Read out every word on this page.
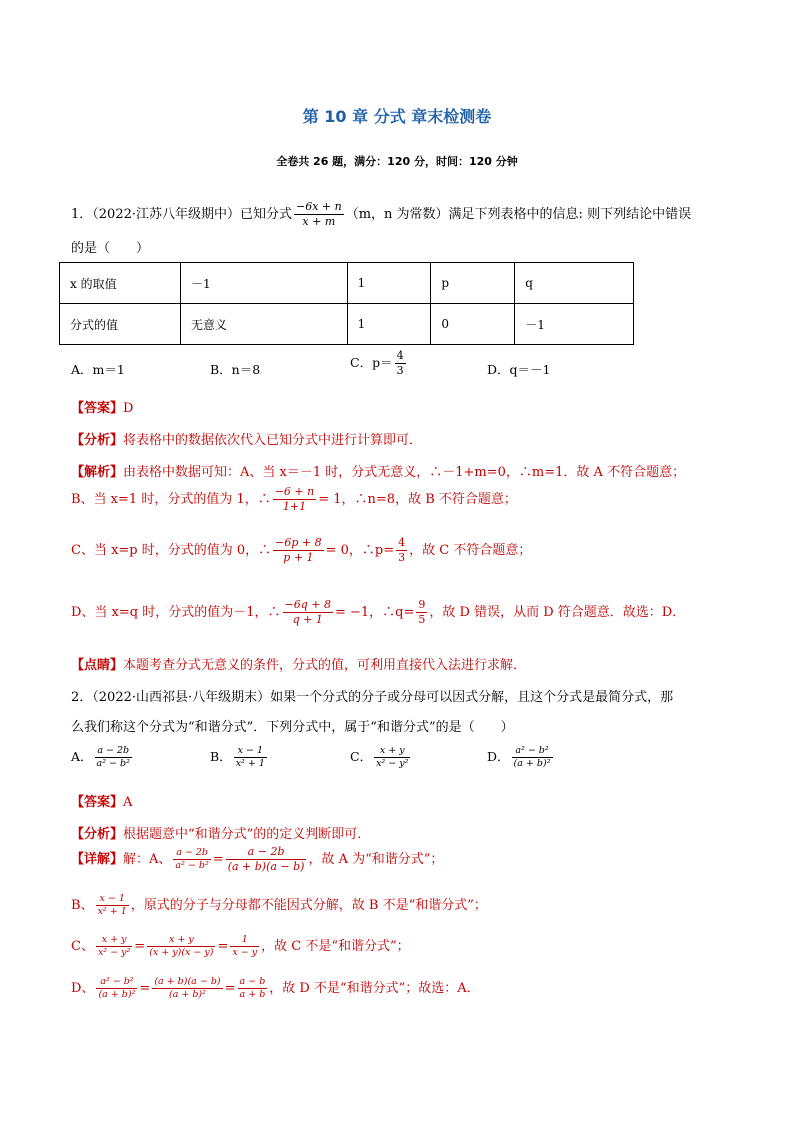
第 10 章 分式 章末检测卷
全卷共 26 题，满分：120 分，时间：120 分钟
1．（2022·江苏八年级期中）已知分式 $\frac{-6x + n}{x + m} (m$，n 为常数）满足下列表格中的信息: 则下列结论中错误
的是（　　）
x 的取值	－1	1	p	q
分式的值	无意义	1	0	－1
A．m＝1	B．n＝8	C．$p= \frac{4}{3}$	D．q＝－1
【答案】D
【分析】将表格中的数据依次代入已知分式中进行计算即可．
【解析】由表格中数据可知：A、当 x＝－1 时，分式无意义，∴－1+m=0，∴m=1．故 A 不符合题意；
B、当 x=1 时，分式的值为 1，∴ $\frac{-6 + n}{1+1} = 1$，∴n=8，故 B 不符合题意；
C、当 x=p 时，分式的值为 0，∴ $\frac{-6p + 8}{p + 1} = 0$，∴p= $\frac{4}{3}$ ，故 C 不符合题意；
D、当 x=q 时，分式的值为－1，∴ $\frac{-6q + 8}{q + 1} = -1$，∴q= $\frac{9}{5}$ ，故 D 错误，从而 D 符合题意．故选：D．
【点睛】本题考查分式无意义的条件，分式的值，可利用直接代入法进行求解．
2．（2022·山西祁县·八年级期末）如果一个分式的分子或分母可以因式分解，且这个分式是最简分式，那
么我们称这个分式为“和谐分式”．下列分式中，属于“和谐分式”的是（　　）
A． $\frac{a - 2b}{\text{a² − b²}}$	B． $\frac{x - 1}{\text{x² + 1}}$	C． $\frac{x + y}{\text{x² − y²}}$	D． $\frac{\text{a² − b²}}{\text{(a + b)²}}$
【答案】A
【分析】根据题意中“和谐分式”的的定义判断即可．
【详解】解：A、 $\frac{a - 2b}{\text{a² − b²}} = \frac{a - 2b}{(a + b)(a - b)}$ ，故 A 为“和谐分式”；
B、 $\frac{x - 1}{\text{x² + 1}}$ ，原式的分子与分母都不能因式分解，故 B 不是“和谐分式”；
C、 $\frac{x + y}{\text{x² − y²}} = \frac{x + y}{(x + y)(x - y)} = \frac{1}{x - y}$ ，故 C 不是“和谐分式”；
D、 $\frac{\text{a² − b²}}{\text{(a + b)²}} = \frac{(a + b)(a - b)}{\text{(a + b)²}} = \frac{a - b}{a + b}$ ，故 D 不是“和谐分式”；故选：A．
